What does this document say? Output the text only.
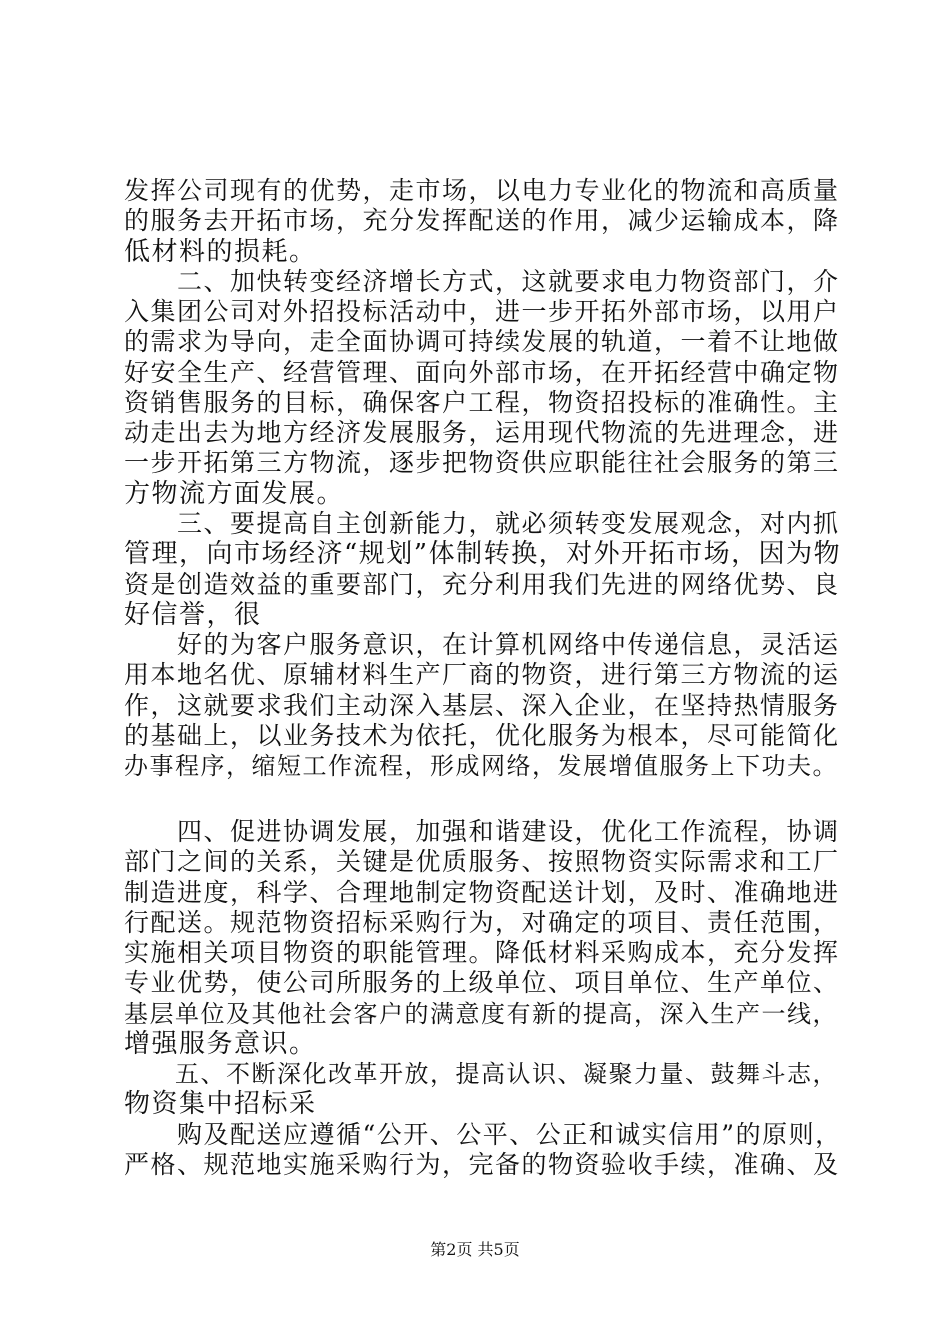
发挥公司现有的优势，走市场，以电力专业化的物流和高质量
的服务去开拓市场，充分发挥配送的作用，减少运输成本，降
低材料的损耗。
　　二、加快转变经济增长方式，这就要求电力物资部门，介
入集团公司对外招投标活动中，进一步开拓外部市场，以用户
的需求为导向，走全面协调可持续发展的轨道，一着不让地做
好安全生产、经营管理、面向外部市场，在开拓经营中确定物
资销售服务的目标，确保客户工程，物资招投标的准确性。主
动走出去为地方经济发展服务，运用现代物流的先进理念，进
一步开拓第三方物流，逐步把物资供应职能往社会服务的第三
方物流方面发展。
　　三、要提高自主创新能力，就必须转变发展观念，对内抓
管理，向市场经济“规划”体制转换，对外开拓市场，因为物
资是创造效益的重要部门，充分利用我们先进的网络优势、良
好信誉，很
　　好的为客户服务意识，在计算机网络中传递信息，灵活运
用本地名优、原辅材料生产厂商的物资，进行第三方物流的运
作，这就要求我们主动深入基层、深入企业，在坚持热情服务
的基础上，以业务技术为依托，优化服务为根本，尽可能简化
办事程序，缩短工作流程，形成网络，发展增值服务上下功夫。
　　四、促进协调发展，加强和谐建设，优化工作流程，协调
部门之间的关系，关键是优质服务、按照物资实际需求和工厂
制造进度，科学、合理地制定物资配送计划，及时、准确地进
行配送。规范物资招标采购行为，对确定的项目、责任范围，
实施相关项目物资的职能管理。降低材料采购成本，充分发挥
专业优势，使公司所服务的上级单位、项目单位、生产单位、
基层单位及其他社会客户的满意度有新的提高，深入生产一线，
增强服务意识。
　　五、不断深化改革开放，提高认识、凝聚力量、鼓舞斗志，
物资集中招标采
　　购及配送应遵循“公开、公平、公正和诚实信用”的原则，
严格、规范地实施采购行为，完备的物资验收手续，准确、及
第2页 共5页
